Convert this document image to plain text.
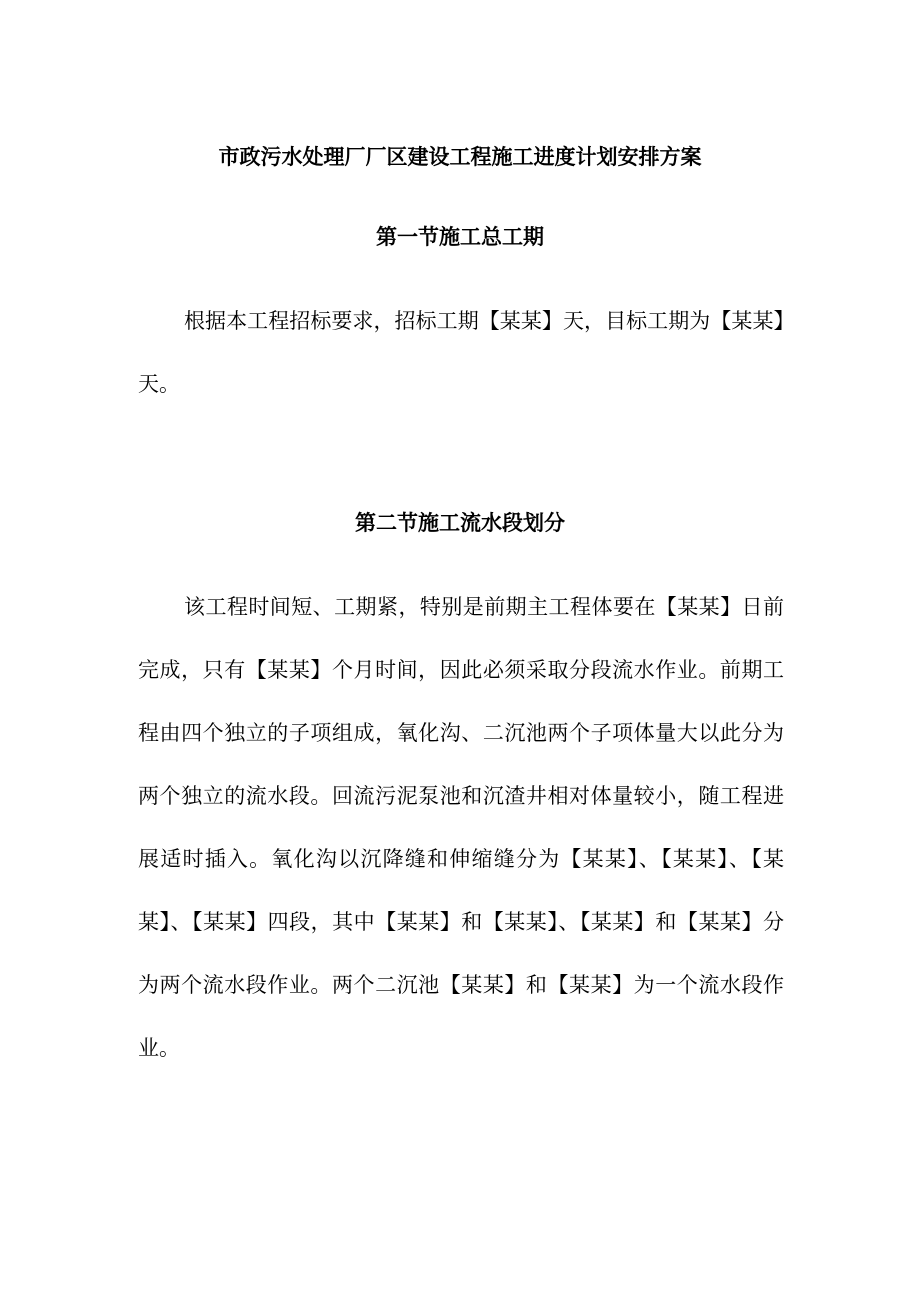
市政污水处理厂厂区建设工程施工进度计划安排方案
第一节施工总工期

根据本工程招标要求，招标工期【某某】天，目标工期为【某某】天。

第二节施工流水段划分

该工程时间短、工期紧，特别是前期主工程体要在【某某】日前完成，只有【某某】个月时间，因此必须采取分段流水作业。前期工程由四个独立的子项组成，氧化沟、二沉池两个子项体量大以此分为两个独立的流水段。回流污泥泵池和沉渣井相对体量较小，随工程进展适时插入。氧化沟以沉降缝和伸缩缝分为【某某】、【某某】、【某某】、【某某】四段，其中【某某】和【某某】、【某某】和【某某】分为两个流水段作业。两个二沉池【某某】和【某某】为一个流水段作业。
